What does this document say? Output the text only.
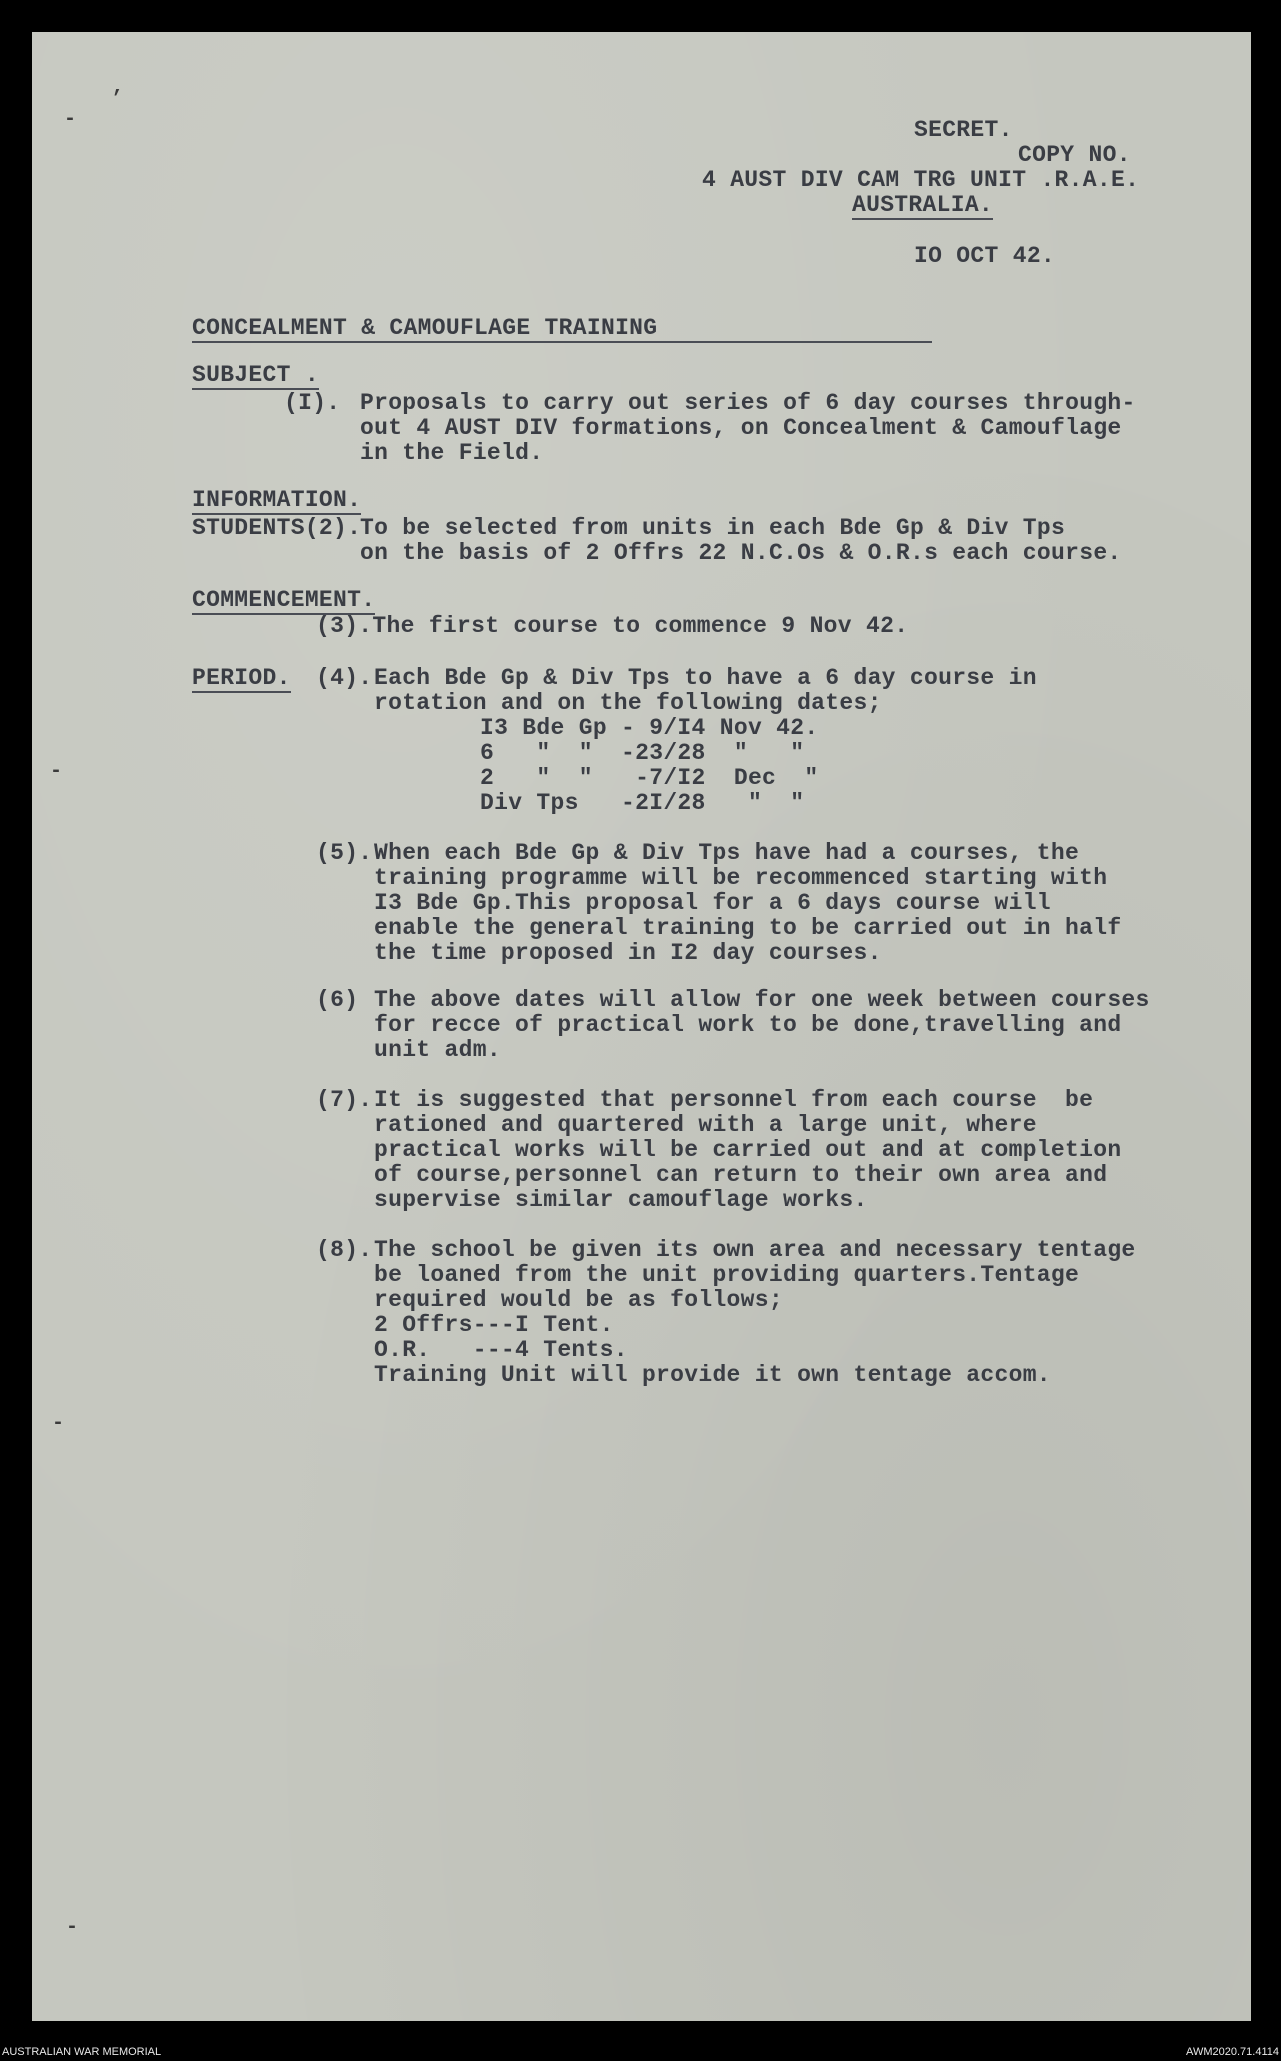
,
-
-
-
-
SECRET.
COPY NO.
4 AUST DIV CAM TRG UNIT .R.A.E.
AUSTRALIA.
IO OCT 42.
CONCEALMENT & CAMOUFLAGE TRAINING
SUBJECT .
(I). Proposals to carry out series of 6 day courses through-
out 4 AUST DIV formations, on Concealment & Camouflage
in the Field.
INFORMATION.
STUDENTS(2).
To be selected from units in each Bde Gp & Div Tps
on the basis of 2 Offrs 22 N.C.Os & O.R.s each course.
COMMENCEMENT.
(3).The first course to commence 9 Nov 42.
PERIOD. (4). Each Bde Gp & Div Tps to have a 6 day course in
rotation and on the following dates;
I3 Bde Gp - 9/I4 Nov 42.
6   "  "  -23/28  "   "
2   "  "   -7/I2  Dec  "
Div Tps   -2I/28   "  "
(5). When each Bde Gp & Div Tps have had a courses, the
training programme will be recommenced starting with
I3 Bde Gp.This proposal for a 6 days course will
enable the general training to be carried out in half
the time proposed in I2 day courses.
(6) The above dates will allow for one week between courses
for recce of practical work to be done,travelling and
unit adm.
(7). It is suggested that personnel from each course  be
rationed and quartered with a large unit, where
practical works will be carried out and at completion
of course,personnel can return to their own area and
supervise similar camouflage works.
(8). The school be given its own area and necessary tentage
be loaned from the unit providing quarters.Tentage
required would be as follows;
2 Offrs---I Tent.
O.R.   ---4 Tents.
Training Unit will provide it own tentage accom.
AUSTRALIAN WAR MEMORIAL	AWM2020.71.4114
